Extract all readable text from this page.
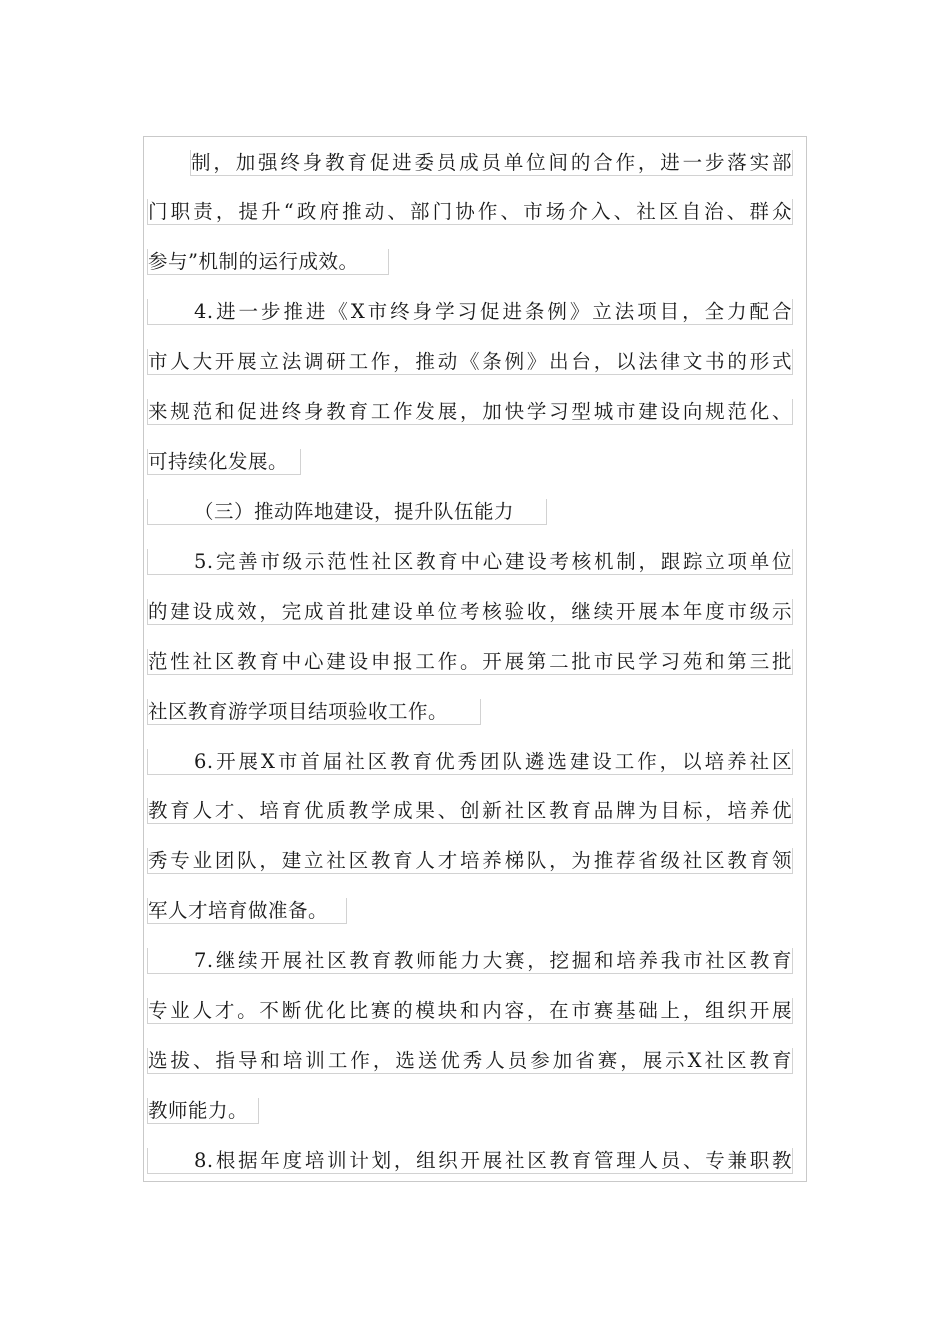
制，加强终身教育促进委员成员单位间的合作，进一步落实部
门职责，提升“政府推动、部门协作、市场介入、社区自治、群众
参与”机制的运行成效。
4.进一步推进《X市终身学习促进条例》立法项目，全力配合
市人大开展立法调研工作，推动《条例》出台，以法律文书的形式
来规范和促进终身教育工作发展，加快学习型城市建设向规范化、
可持续化发展。
（三）推动阵地建设，提升队伍能力
5.完善市级示范性社区教育中心建设考核机制，跟踪立项单位
的建设成效，完成首批建设单位考核验收，继续开展本年度市级示
范性社区教育中心建设申报工作。开展第二批市民学习苑和第三批
社区教育游学项目结项验收工作。
6.开展X市首届社区教育优秀团队遴选建设工作，以培养社区
教育人才、培育优质教学成果、创新社区教育品牌为目标，培养优
秀专业团队，建立社区教育人才培养梯队，为推荐省级社区教育领
军人才培育做准备。
7.继续开展社区教育教师能力大赛，挖掘和培养我市社区教育
专业人才。不断优化比赛的模块和内容，在市赛基础上，组织开展
选拔、指导和培训工作，选送优秀人员参加省赛，展示X社区教育
教师能力。
8.根据年度培训计划，组织开展社区教育管理人员、专兼职教
